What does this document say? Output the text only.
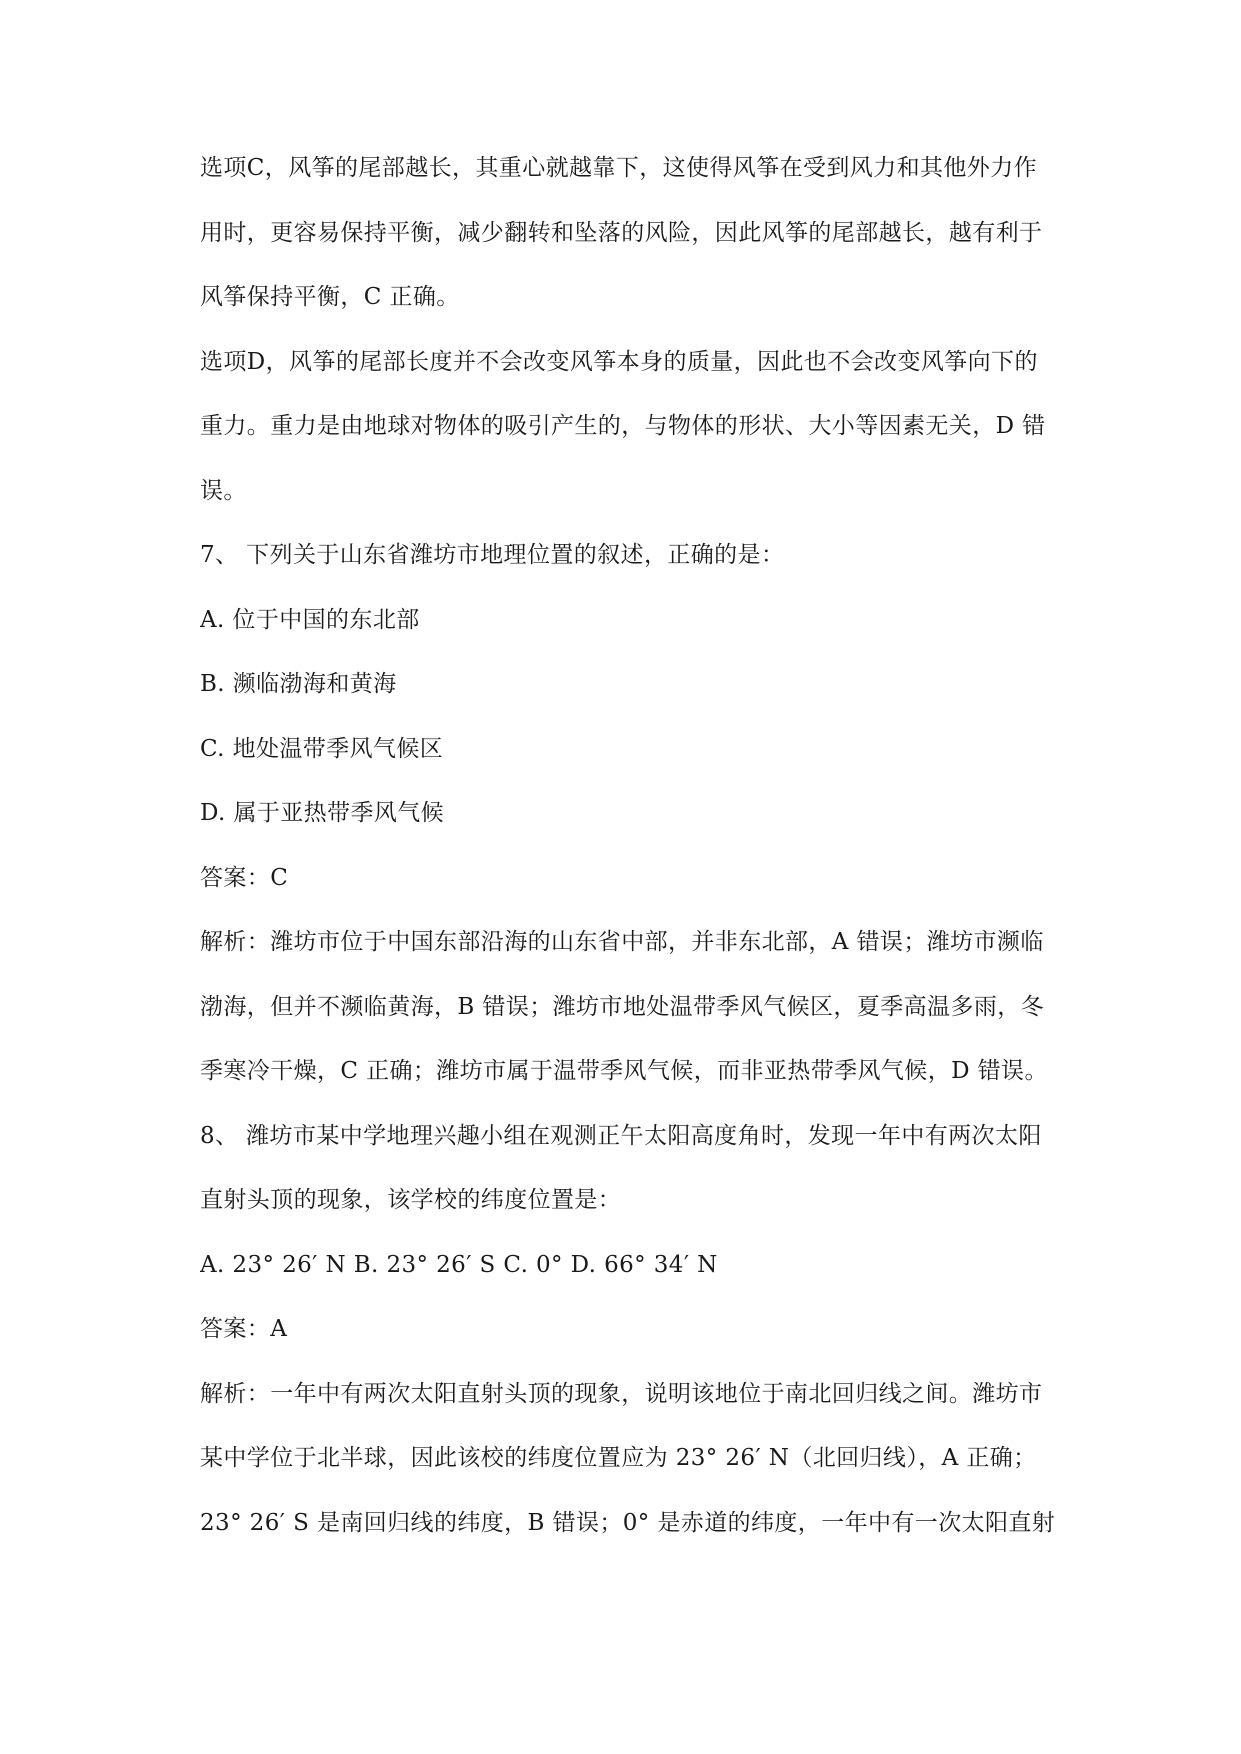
选项C，风筝的尾部越长，其重心就越靠下，这使得风筝在受到风力和其他外力作
用时，更容易保持平衡，减少翻转和坠落的风险，因此风筝的尾部越长，越有利于
风筝保持平衡，C 正确。
选项D，风筝的尾部长度并不会改变风筝本身的质量，因此也不会改变风筝向下的
重力。重力是由地球对物体的吸引产生的，与物体的形状、大小等因素无关，D 错
误。
7、 下列关于山东省潍坊市地理位置的叙述，正确的是：
A. 位于中国的东北部
B. 濒临渤海和黄海
C. 地处温带季风气候区
D. 属于亚热带季风气候
答案：C
解析：潍坊市位于中国东部沿海的山东省中部，并非东北部，A 错误；潍坊市濒临
渤海，但并不濒临黄海，B 错误；潍坊市地处温带季风气候区，夏季高温多雨，冬
季寒冷干燥，C 正确；潍坊市属于温带季风气候，而非亚热带季风气候，D 错误。
8、 潍坊市某中学地理兴趣小组在观测正午太阳高度角时，发现一年中有两次太阳
直射头顶的现象，该学校的纬度位置是：
A. 23° 26′ N B. 23° 26′ S C. 0° D. 66° 34′ N
答案：A
解析：一年中有两次太阳直射头顶的现象，说明该地位于南北回归线之间。潍坊市
某中学位于北半球，因此该校的纬度位置应为 23° 26′ N（北回归线），A 正确；
23° 26′ S 是南回归线的纬度，B 错误；0° 是赤道的纬度，一年中有一次太阳直射
